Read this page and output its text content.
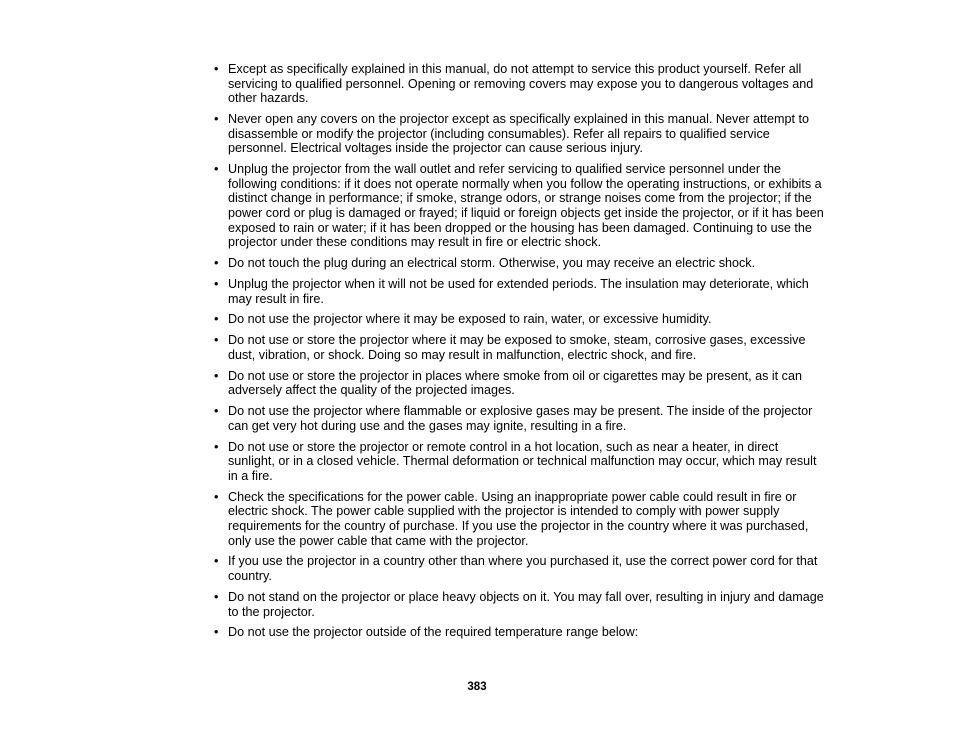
• Except as specifically explained in this manual, do not attempt to service this product yourself. Refer all servicing to qualified personnel. Opening or removing covers may expose you to dangerous voltages and other hazards.
• Never open any covers on the projector except as specifically explained in this manual. Never attempt to disassemble or modify the projector (including consumables). Refer all repairs to qualified service personnel. Electrical voltages inside the projector can cause serious injury.
• Unplug the projector from the wall outlet and refer servicing to qualified service personnel under the following conditions: if it does not operate normally when you follow the operating instructions, or exhibits a distinct change in performance; if smoke, strange odors, or strange noises come from the projector; if the power cord or plug is damaged or frayed; if liquid or foreign objects get inside the projector, or if it has been exposed to rain or water; if it has been dropped or the housing has been damaged. Continuing to use the projector under these conditions may result in fire or electric shock.
• Do not touch the plug during an electrical storm. Otherwise, you may receive an electric shock.
• Unplug the projector when it will not be used for extended periods. The insulation may deteriorate, which may result in fire.
• Do not use the projector where it may be exposed to rain, water, or excessive humidity.
• Do not use or store the projector where it may be exposed to smoke, steam, corrosive gases, excessive dust, vibration, or shock. Doing so may result in malfunction, electric shock, and fire.
• Do not use or store the projector in places where smoke from oil or cigarettes may be present, as it can adversely affect the quality of the projected images.
• Do not use the projector where flammable or explosive gases may be present. The inside of the projector can get very hot during use and the gases may ignite, resulting in a fire.
• Do not use or store the projector or remote control in a hot location, such as near a heater, in direct sunlight, or in a closed vehicle. Thermal deformation or technical malfunction may occur, which may result in a fire.
• Check the specifications for the power cable. Using an inappropriate power cable could result in fire or electric shock. The power cable supplied with the projector is intended to comply with power supply requirements for the country of purchase. If you use the projector in the country where it was purchased, only use the power cable that came with the projector.
• If you use the projector in a country other than where you purchased it, use the correct power cord for that country.
• Do not stand on the projector or place heavy objects on it. You may fall over, resulting in injury and damage to the projector.
• Do not use the projector outside of the required temperature range below:
383
